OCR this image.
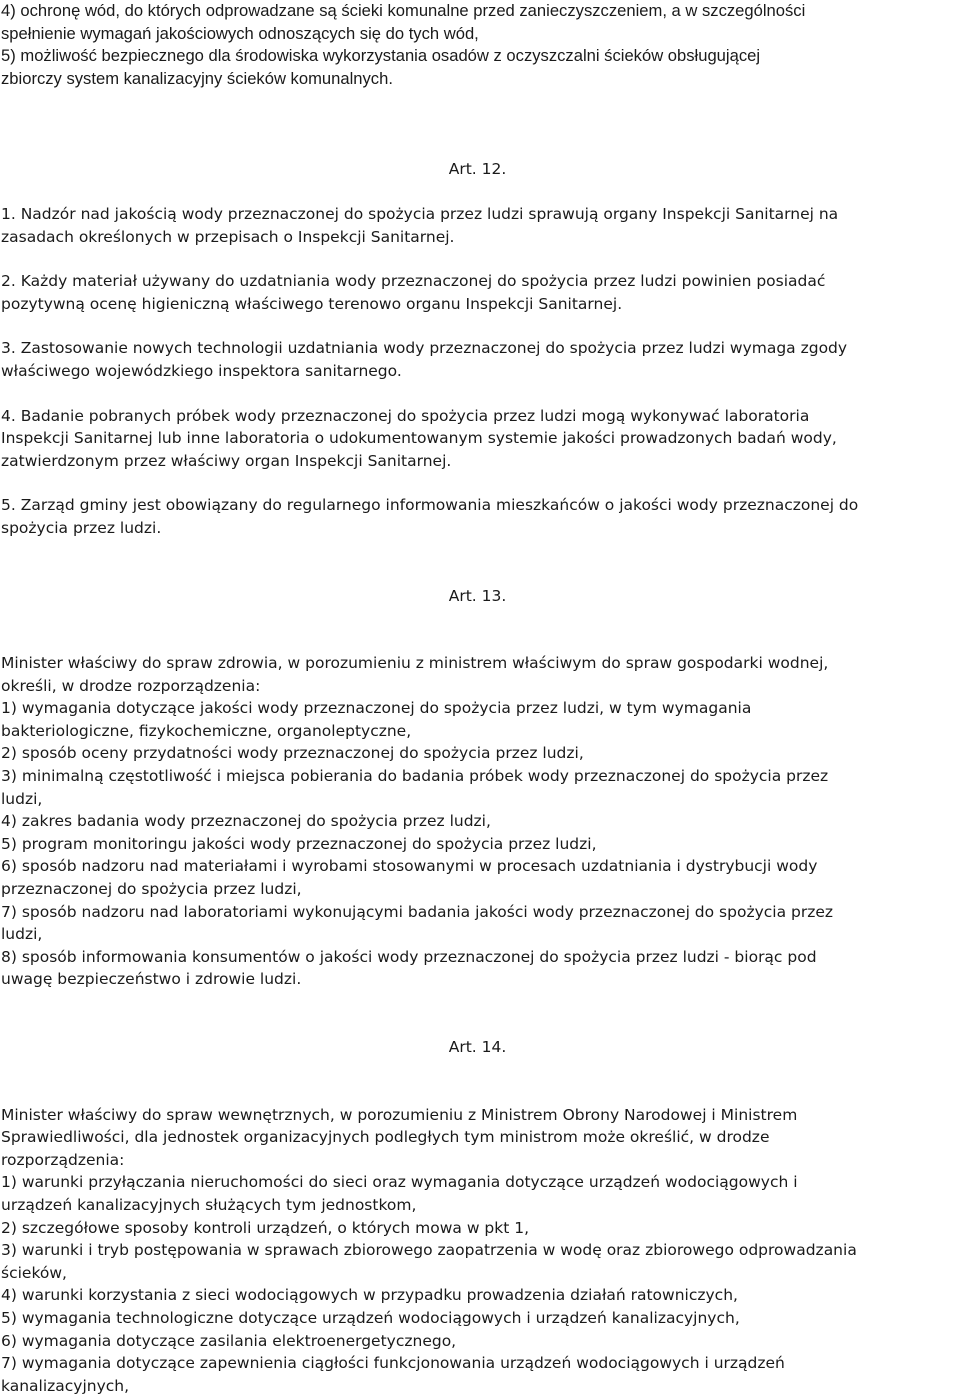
4) ochronę wód, do których odprowadzane są ścieki komunalne przed zanieczyszczeniem, a w szczególności
spełnienie wymagań jakościowych odnoszących się do tych wód,
5) możliwość bezpiecznego dla środowiska wykorzystania osadów z oczyszczalni ścieków obsługującej
zbiorczy system kanalizacyjny ścieków komunalnych.
Art. 12.
1. Nadzór nad jakością wody przeznaczonej do spożycia przez ludzi sprawują organy Inspekcji Sanitarnej na
zasadach określonych w przepisach o Inspekcji Sanitarnej.
2. Każdy materiał używany do uzdatniania wody przeznaczonej do spożycia przez ludzi powinien posiadać
pozytywną ocenę higieniczną właściwego terenowo organu Inspekcji Sanitarnej.
3. Zastosowanie nowych technologii uzdatniania wody przeznaczonej do spożycia przez ludzi wymaga zgody
właściwego wojewódzkiego inspektora sanitarnego.
4. Badanie pobranych próbek wody przeznaczonej do spożycia przez ludzi mogą wykonywać laboratoria
Inspekcji Sanitarnej lub inne laboratoria o udokumentowanym systemie jakości prowadzonych badań wody,
zatwierdzonym przez właściwy organ Inspekcji Sanitarnej.
5. Zarząd gminy jest obowiązany do regularnego informowania mieszkańców o jakości wody przeznaczonej do
spożycia przez ludzi.
Art. 13.
Minister właściwy do spraw zdrowia, w porozumieniu z ministrem właściwym do spraw gospodarki wodnej,
określi, w drodze rozporządzenia:
1) wymagania dotyczące jakości wody przeznaczonej do spożycia przez ludzi, w tym wymagania
bakteriologiczne, fizykochemiczne, organoleptyczne,
2) sposób oceny przydatności wody przeznaczonej do spożycia przez ludzi,
3) minimalną częstotliwość i miejsca pobierania do badania próbek wody przeznaczonej do spożycia przez
ludzi,
4) zakres badania wody przeznaczonej do spożycia przez ludzi,
5) program monitoringu jakości wody przeznaczonej do spożycia przez ludzi,
6) sposób nadzoru nad materiałami i wyrobami stosowanymi w procesach uzdatniania i dystrybucji wody
przeznaczonej do spożycia przez ludzi,
7) sposób nadzoru nad laboratoriami wykonującymi badania jakości wody przeznaczonej do spożycia przez
ludzi,
8) sposób informowania konsumentów o jakości wody przeznaczonej do spożycia przez ludzi - biorąc pod
uwagę bezpieczeństwo i zdrowie ludzi.
Art. 14.
Minister właściwy do spraw wewnętrznych, w porozumieniu z Ministrem Obrony Narodowej i Ministrem
Sprawiedliwości, dla jednostek organizacyjnych podległych tym ministrom może określić, w drodze
rozporządzenia:
1) warunki przyłączania nieruchomości do sieci oraz wymagania dotyczące urządzeń wodociągowych i
urządzeń kanalizacyjnych służących tym jednostkom,
2) szczegółowe sposoby kontroli urządzeń, o których mowa w pkt 1,
3) warunki i tryb postępowania w sprawach zbiorowego zaopatrzenia w wodę oraz zbiorowego odprowadzania
ścieków,
4) warunki korzystania z sieci wodociągowych w przypadku prowadzenia działań ratowniczych,
5) wymagania technologiczne dotyczące urządzeń wodociągowych i urządzeń kanalizacyjnych,
6) wymagania dotyczące zasilania elektroenergetycznego,
7) wymagania dotyczące zapewnienia ciągłości funkcjonowania urządzeń wodociągowych i urządzeń
kanalizacyjnych,
